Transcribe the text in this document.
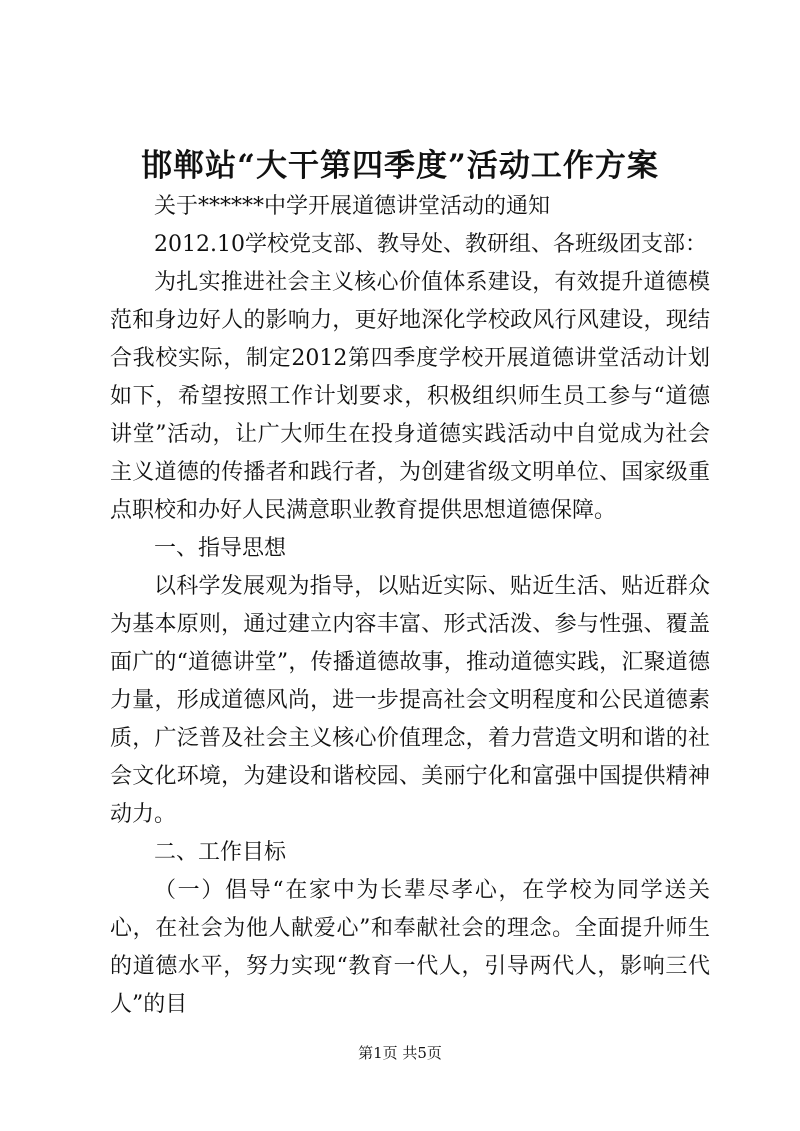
邯郸站“大干第四季度”活动工作方案

关于******中学开展道德讲堂活动的通知

2012.10学校党支部、教导处、教研组、各班级团支部：

为扎实推进社会主义核心价值体系建设，有效提升道德模范和身边好人的影响力，更好地深化学校政风行风建设，现结合我校实际，制定2012第四季度学校开展道德讲堂活动计划如下，希望按照工作计划要求，积极组织师生员工参与“道德讲堂”活动，让广大师生在投身道德实践活动中自觉成为社会主义道德的传播者和践行者，为创建省级文明单位、国家级重点职校和办好人民满意职业教育提供思想道德保障。

一、指导思想

以科学发展观为指导，以贴近实际、贴近生活、贴近群众为基本原则，通过建立内容丰富、形式活泼、参与性强、覆盖面广的“道德讲堂”，传播道德故事，推动道德实践，汇聚道德力量，形成道德风尚，进一步提高社会文明程度和公民道德素质，广泛普及社会主义核心价值理念，着力营造文明和谐的社会文化环境，为建设和谐校园、美丽宁化和富强中国提供精神动力。

二、工作目标

（一）倡导“在家中为长辈尽孝心，在学校为同学送关心，在社会为他人献爱心”和奉献社会的理念。全面提升师生的道德水平，努力实现“教育一代人，引导两代人，影响三代人”的目

第1页 共5页
